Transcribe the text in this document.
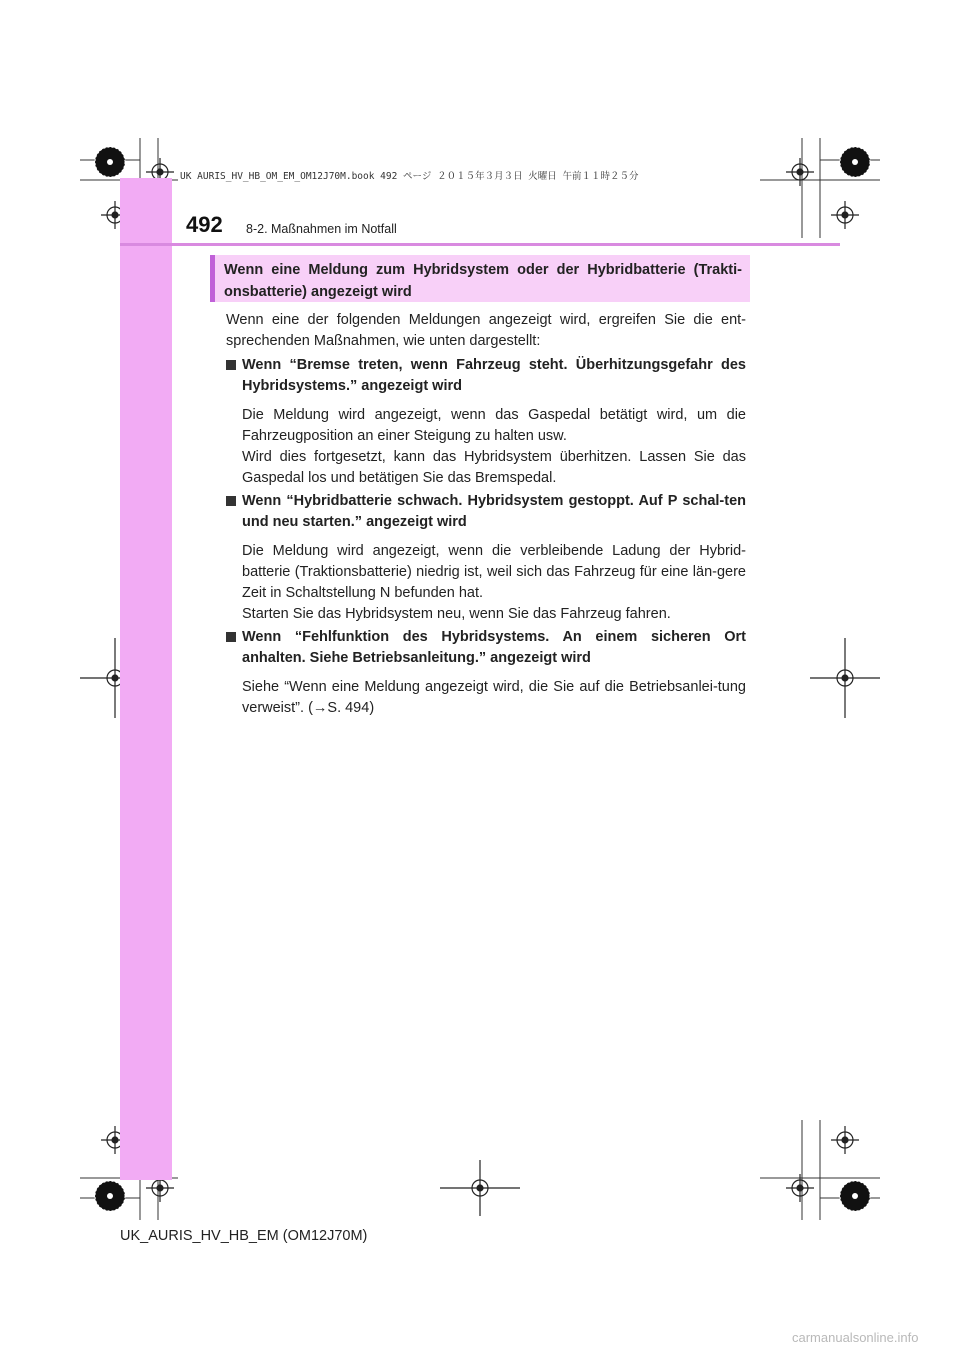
UK AURIS_HV_HB_OM_EM_OM12J70M.book 492 ページ ２０１５年３月３日 火曜日 午前１１時２５分
492 8-2. Maßnahmen im Notfall
Wenn eine Meldung zum Hybridsystem oder der Hybridbatterie (Trakti-onsbatterie) angezeigt wird
Wenn eine der folgenden Meldungen angezeigt wird, ergreifen Sie die ent-sprechenden Maßnahmen, wie unten dargestellt:
Wenn “Bremse treten, wenn Fahrzeug steht. Überhitzungsgefahr des Hybridsystems.” angezeigt wird

Die Meldung wird angezeigt, wenn das Gaspedal betätigt wird, um die Fahrzeugposition an einer Steigung zu halten usw.

Wird dies fortgesetzt, kann das Hybridsystem überhitzen. Lassen Sie das Gaspedal los und betätigen Sie das Bremspedal.

Wenn “Hybridbatterie schwach. Hybridsystem gestoppt. Auf P schal-ten und neu starten.” angezeigt wird

Die Meldung wird angezeigt, wenn die verbleibende Ladung der Hybrid-batterie (Traktionsbatterie) niedrig ist, weil sich das Fahrzeug für eine län-gere Zeit in Schaltstellung N befunden hat.

Starten Sie das Hybridsystem neu, wenn Sie das Fahrzeug fahren.

Wenn “Fehlfunktion des Hybridsystems. An einem sicheren Ort anhalten. Siehe Betriebsanleitung.” angezeigt wird

Siehe “Wenn eine Meldung angezeigt wird, die Sie auf die Betriebsanlei-tung verweist”. (→S. 494)

UK_AURIS_HV_HB_EM (OM12J70M)
carmanualsonline.info
